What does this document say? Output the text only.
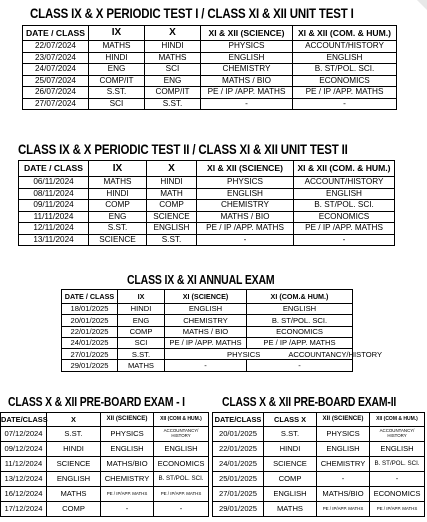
CLASS IX & X PERIODIC TEST I / CLASS XI & XII UNIT TEST I
DATE / CLASS	IX	X	XI & XII (SCIENCE)	XI & XII (COM. & HUM.)
22/07/2024	MATHS	HINDI	PHYSICS	ACCOUNT/HISTORY
23/07/2024	HINDI	MATHS	ENGLISH	ENGLISH
24/07/2024	ENG	SCI	CHEMISTRY	B. ST/POL. SCI.
25/07/2024	COMP/IT	ENG	MATHS / BIO	ECONOMICS
26/07/2024	S.ST.	COMP/IT	PE / IP /APP. MATHS	PE / IP /APP. MATHS
27/07/2024	SCI	S.ST.	-	-
CLASS IX & X PERIODIC TEST II / CLASS XI & XII UNIT TEST II
DATE / CLASS	IX	X	XI & XII (SCIENCE)	XI & XII (COM. & HUM.)
06/11/2024	MATHS	HINDI	PHYSICS	ACCOUNT/HISTORY
08/11/2024	HINDI	MATH	ENGLISH	ENGLISH
09/11/2024	COMP	COMP	CHEMISTRY	B. ST/POL. SCI.
11/11/2024	ENG	SCIENCE	MATHS / BIO	ECONOMICS
12/11/2024	S.ST.	ENGLISH	PE / IP /APP. MATHS	PE / IP /APP. MATHS
13/11/2024	SCIENCE	S.ST.	-	-
CLASS IX & XI ANNUAL EXAM
DATE / CLASS	IX	XI (SCIENCE)	XI (COM.& HUM.)
18/01/2025	HINDI	ENGLISH	ENGLISH
20/01/2025	ENG	CHEMISTRY	B. ST/POL. SCI.
22/01/2025	COMP	MATHS / BIO	ECONOMICS
24/01/2025	SCI	PE / IP /APP. MATHS	PE / IP /APP. MATHS
27/01/2025	S.ST.	PHYSICS ACCOUNTANCY/HISTORY	
29/01/2025	MATHS	-	-
CLASS X & XII PRE-BOARD EXAM - I
DATE/CLASS	X	XII (SCIENCE)	XII (COM & HUM.)
07/12/2024	S.ST.	PHYSICS	ACCOUNTANCY/ HISTORY
09/12/2024	HINDI	ENGLISH	ENGLISH
11/12/2024	SCIENCE	MATHS/BIO	ECONOMICS
13/12/2024	ENGLISH	CHEMISTRY	B. ST/POL. SCI.
16/12/2024	MATHS	PE / IP/APP. MATHS	PE / IP/APP. MATHS
17/12/2024	COMP	-	-
CLASS X & XII PRE-BOARD EXAM-II
DATE/CLASS	CLASS X	XII (SCIENCE)	XII (COM & HUM.)
20/01/2025	S.ST.	PHYSICS	ACCOUNTANCY/ HISTORY
22/01/2025	HINDI	ENGLISH	ENGLISH
24/01/2025	SCIENCE	CHEMISTRY	B. ST/POL. SCI.
25/01/2025	COMP	-	-
27/01/2025	ENGLISH	MATHS/BIO	ECONOMICS
29/01/2025	MATHS	PE / IP/APP. MATHS	PE / IP/APP. MATHS
